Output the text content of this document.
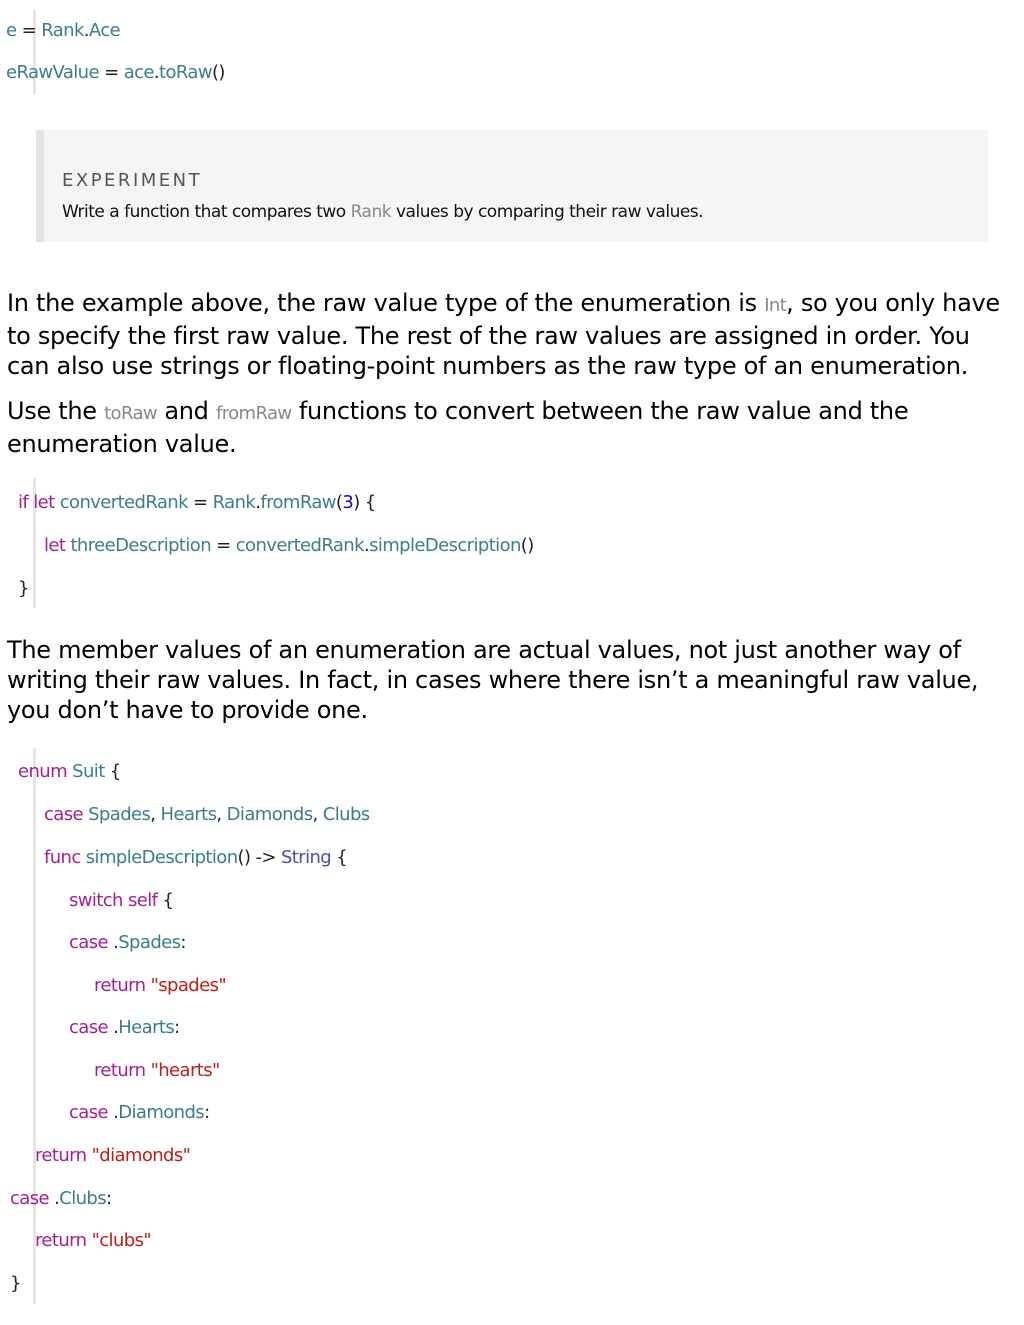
e = Rank.Ace
eRawValue = ace.toRaw()
EXPERIMENT
Write a function that compares two Rank values by comparing their raw values.

In the example above, the raw value type of the enumeration is Int, so you only have to specify the first raw value. The rest of the raw values are assigned in order. You can also use strings or floating-point numbers as the raw type of an enumeration.

Use the toRaw and fromRaw functions to convert between the raw value and the enumeration value.

if let convertedRank = Rank.fromRaw(3) {
let threeDescription = convertedRank.simpleDescription()
}

The member values of an enumeration are actual values, not just another way of writing their raw values. In fact, in cases where there isn’t a meaningful raw value, you don’t have to provide one.

enum Suit {
case Spades, Hearts, Diamonds, Clubs
func simpleDescription() -> String {
switch self {
case .Spades:
return "spades"
case .Hearts:
return "hearts"
case .Diamonds:
return "diamonds"
case .Clubs:
return "clubs"
}
